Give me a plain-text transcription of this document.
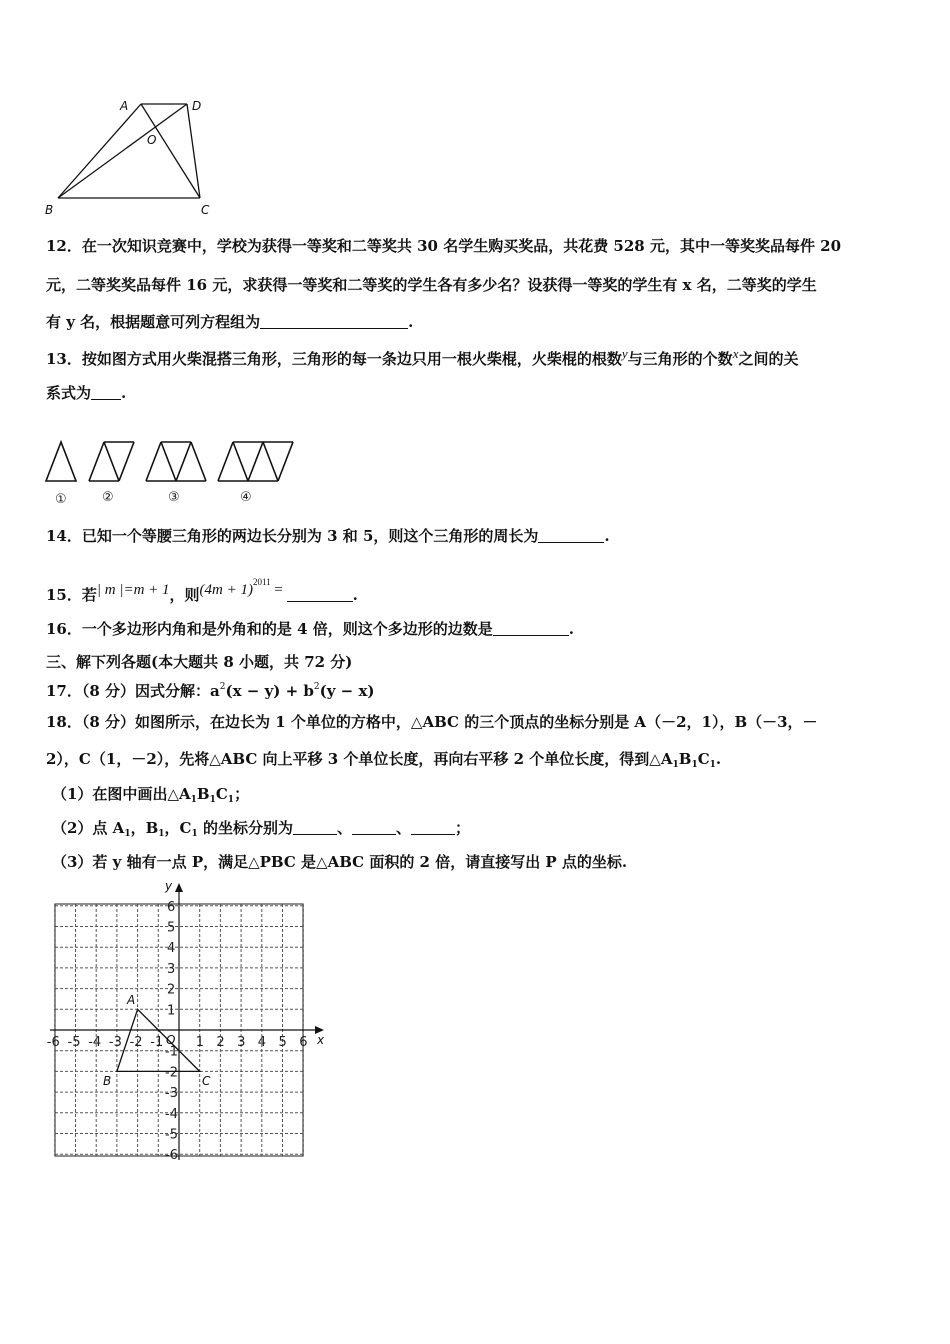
A	D
O
B	C
12．在一次知识竞赛中，学校为获得一等奖和二等奖共 30 名学生购买奖品，共花费 528 元，其中一等奖奖品每件 20
元，二等奖奖品每件 16 元，求获得一等奖和二等奖的学生各有多少名？设获得一等奖的学生有 x 名，二等奖的学生
有 y 名，根据题意可列方程组为	.
13．按如图方式用火柴混搭三角形，三角形的每一条边只用一根火柴棍，火柴棍的根数y与三角形的个数x之间的关
系式为 .
①	②	③	④
14．已知一个等腰三角形的两边长分别为 3 和 5，则这个三角形的周长为	.
15．若| m |=m + 1，则$(4m + 1)^{2011}$ =	.
16．一个多边形内角和是外角和的是 4 倍，则这个多边形的边数是	.
三、解下列各题(本大题共 8 小题，共 72 分)
17．（8 分）因式分解：$a^2(x - y) + b^2(y - x)$
18．（8 分）如图所示，在边长为 1 个单位的方格中，△ABC 的三个顶点的坐标分别是 A（－2，1），B（－3，－
2），C（1，－2），先将△ABC 向上平移 3 个单位长度，再向右平移 2 个单位长度，得到$\triangle A_1B_1C_1$.
（1）在图中画出$\triangle A_1B_1C_1$；
（2）点 $A_1$，$B_1$，$C_1$ 的坐标分别为	、	、	；
（3）若 y 轴有一点 P，满足△PBC 是△ABC 面积的 2 倍，请直接写出 P 点的坐标.
x
y
O
-6 -5 -4 -3 -2 -1 1 2 3 4 5 6
6
5
4
3
2
1
-1
-2
-3
-4
-5
-6
A
B	C
